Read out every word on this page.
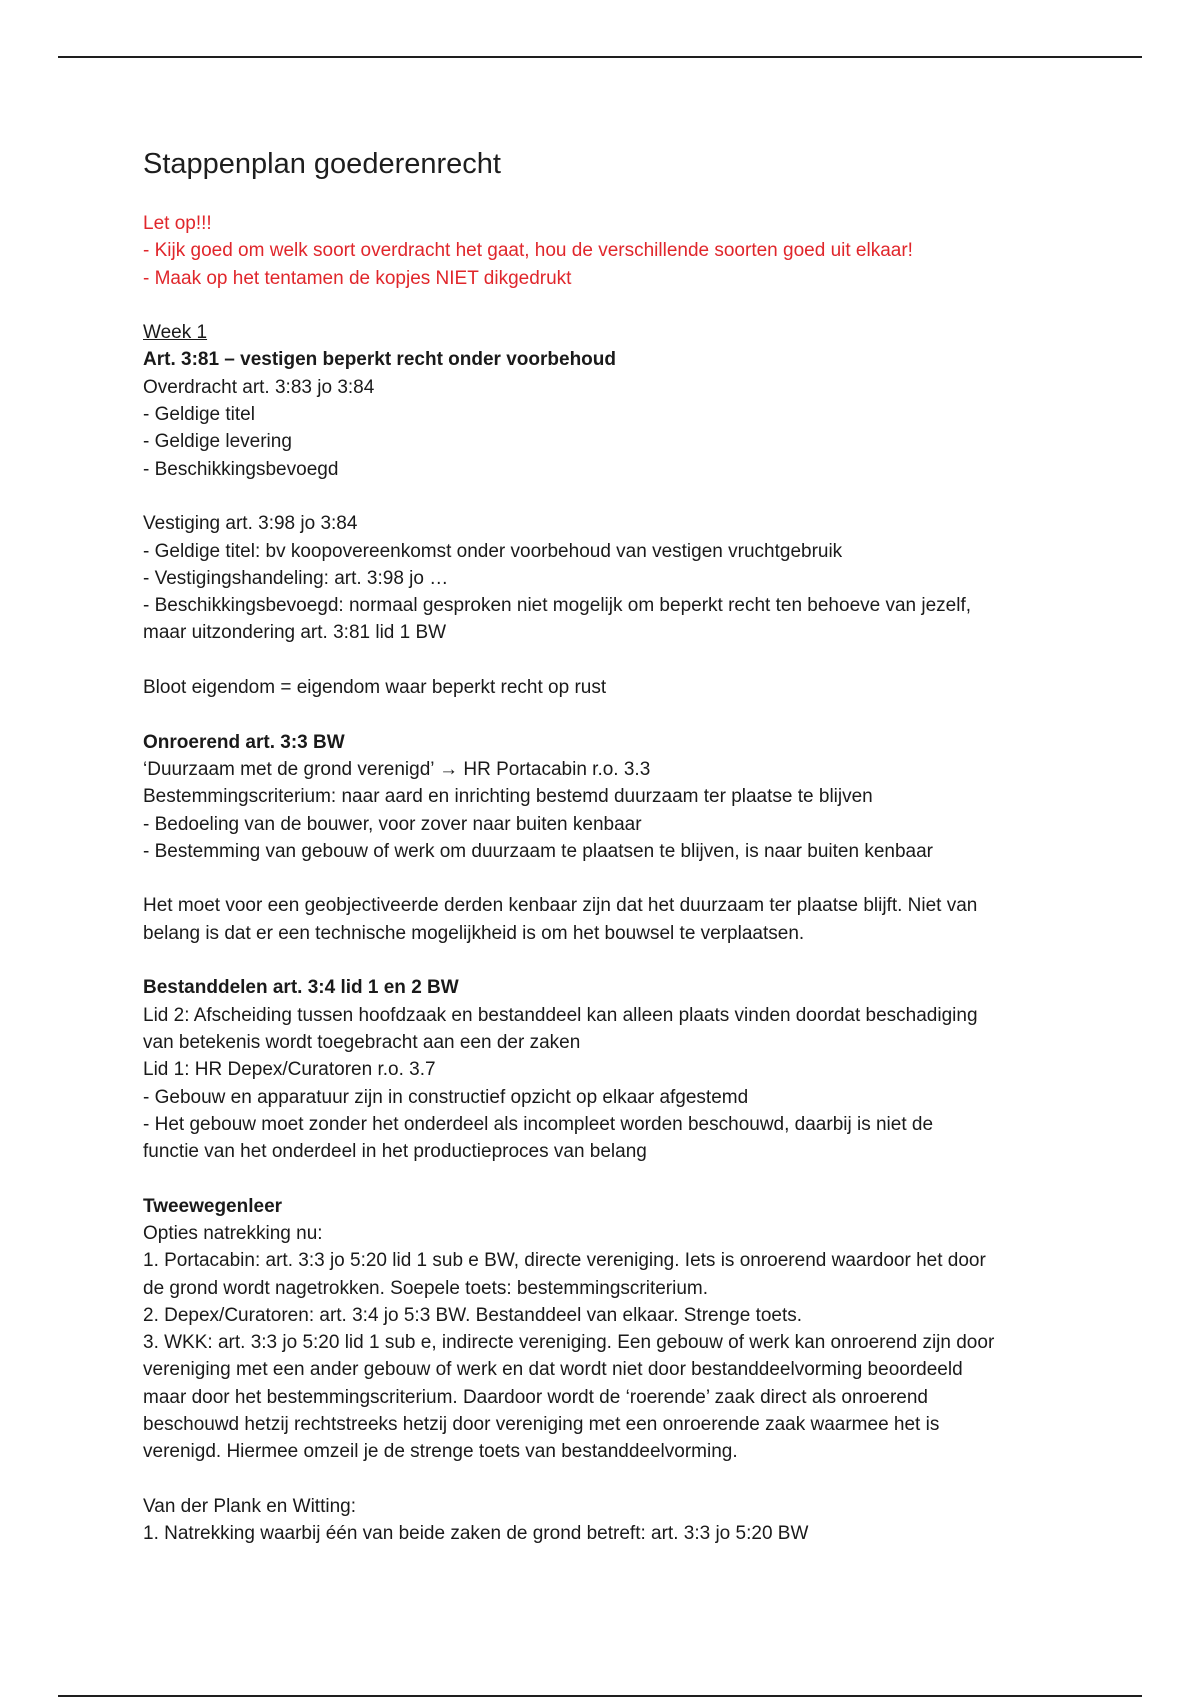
Stappenplan goederenrecht
Let op!!!
- Kijk goed om welk soort overdracht het gaat, hou de verschillende soorten goed uit elkaar!
- Maak op het tentamen de kopjes NIET dikgedrukt
Week 1
Art. 3:81 – vestigen beperkt recht onder voorbehoud
Overdracht art. 3:83 jo 3:84
- Geldige titel
- Geldige levering
- Beschikkingsbevoegd
Vestiging art. 3:98 jo 3:84
- Geldige titel: bv koopovereenkomst onder voorbehoud van vestigen vruchtgebruik
- Vestigingshandeling: art. 3:98 jo …
- Beschikkingsbevoegd: normaal gesproken niet mogelijk om beperkt recht ten behoeve van jezelf,
maar uitzondering art. 3:81 lid 1 BW
Bloot eigendom = eigendom waar beperkt recht op rust
Onroerend art. 3:3 BW
‘Duurzaam met de grond verenigd’ → HR Portacabin r.o. 3.3
Bestemmingscriterium: naar aard en inrichting bestemd duurzaam ter plaatse te blijven
- Bedoeling van de bouwer, voor zover naar buiten kenbaar
- Bestemming van gebouw of werk om duurzaam te plaatsen te blijven, is naar buiten kenbaar
Het moet voor een geobjectiveerde derden kenbaar zijn dat het duurzaam ter plaatse blijft. Niet van
belang is dat er een technische mogelijkheid is om het bouwsel te verplaatsen.
Bestanddelen art. 3:4 lid 1 en 2 BW
Lid 2: Afscheiding tussen hoofdzaak en bestanddeel kan alleen plaats vinden doordat beschadiging
van betekenis wordt toegebracht aan een der zaken
Lid 1: HR Depex/Curatoren r.o. 3.7
- Gebouw en apparatuur zijn in constructief opzicht op elkaar afgestemd
- Het gebouw moet zonder het onderdeel als incompleet worden beschouwd, daarbij is niet de
functie van het onderdeel in het productieproces van belang
Tweewegenleer
Opties natrekking nu:
1. Portacabin: art. 3:3 jo 5:20 lid 1 sub e BW, directe vereniging. Iets is onroerend waardoor het door
de grond wordt nagetrokken. Soepele toets: bestemmingscriterium.
2. Depex/Curatoren: art. 3:4 jo 5:3 BW. Bestanddeel van elkaar. Strenge toets.
3. WKK: art. 3:3 jo 5:20 lid 1 sub e, indirecte vereniging. Een gebouw of werk kan onroerend zijn door
vereniging met een ander gebouw of werk en dat wordt niet door bestanddeelvorming beoordeeld
maar door het bestemmingscriterium. Daardoor wordt de ‘roerende’ zaak direct als onroerend
beschouwd hetzij rechtstreeks hetzij door vereniging met een onroerende zaak waarmee het is
verenigd. Hiermee omzeil je de strenge toets van bestanddeelvorming.
Van der Plank en Witting:
1. Natrekking waarbij één van beide zaken de grond betreft: art. 3:3 jo 5:20 BW
